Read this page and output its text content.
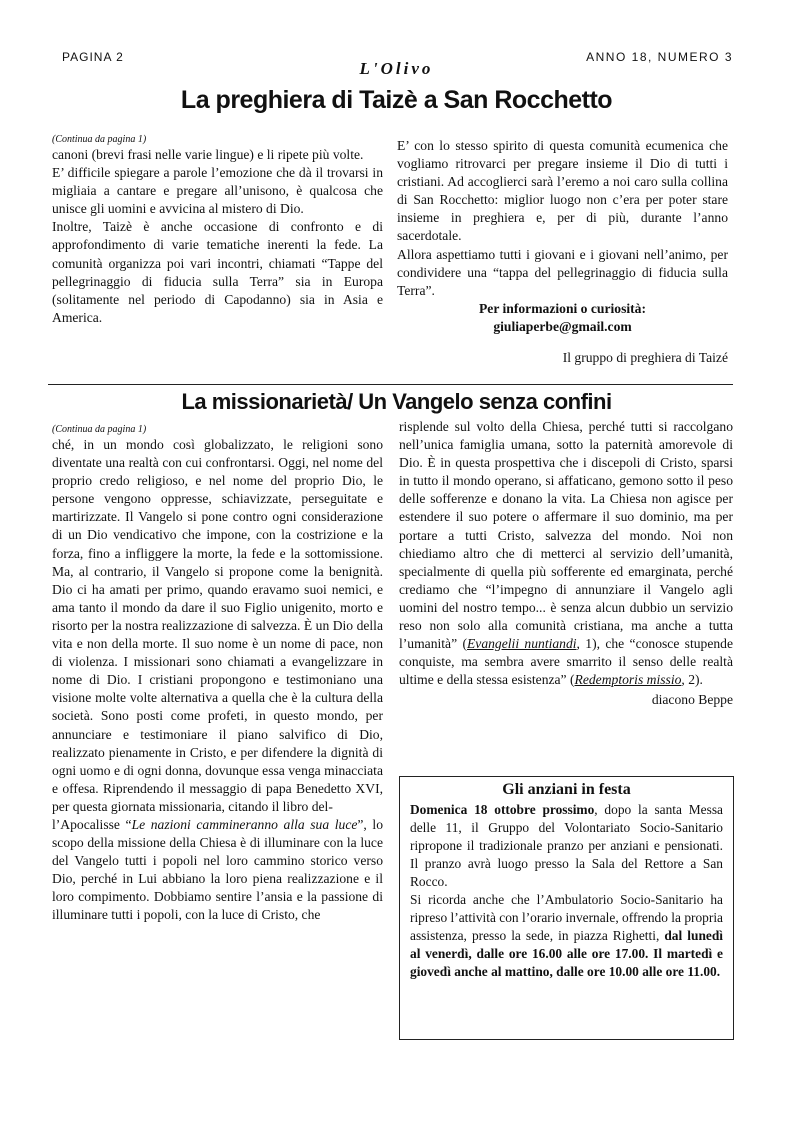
PAGINA 2
L'Olivo
ANNO 18, NUMERO 3
La preghiera di Taizè a San Rocchetto
(Continua da pagina 1)

canoni (brevi frasi nelle varie lingue) e li ripete più volte.

E’ difficile spiegare a parole l’emozione che dà il trovarsi in migliaia a cantare e pregare all’unisono, è qualcosa che unisce gli uomini e avvicina al mistero di Dio.

Inoltre, Taizè è anche occasione di confronto e di approfondimento di varie tematiche inerenti la fede. La comunità organizza poi vari incontri, chiamati “Tappe del pellegrinaggio di fiducia sulla Terra” sia in Europa (solitamente nel periodo di Capodanno) sia in Asia e America.

E’ con lo stesso spirito di questa comunità ecumenica che vogliamo ritrovarci per pregare insieme il Dio di tutti i cristiani. Ad accoglierci sarà l’eremo a noi caro sulla collina di San Rocchetto: miglior luogo non c’era per poter stare insieme in preghiera e, per di più, durante l’anno sacerdotale.

Allora aspettiamo tutti i giovani e i giovani nell’animo, per condividere una “tappa del pellegrinaggio di fiducia sulla Terra”.

Per informazioni o curiosità:

giuliaperbe@gmail.com

Il gruppo di preghiera di Taizé

La missionarietà/ Un Vangelo senza confini
(Continua da pagina 1)

ché, in un mondo così globalizzato, le religioni sono diventate una realtà con cui confrontarsi. Oggi, nel nome del proprio credo religioso, e nel nome del proprio Dio, le persone vengono oppresse, schiavizzate, perseguitate e martirizzate. Il Vangelo si pone contro ogni considerazione di un Dio vendicativo che impone, con la costrizione e la forza, fino a infliggere la morte, la fede e la sottomissione. Ma, al contrario, il Vangelo si propone come la benignità. Dio ci ha amati per primo, quando eravamo suoi nemici, e ama tanto il mondo da dare il suo Figlio unigenito, morto e risorto per la nostra realizzazione di salvezza. È un Dio della vita e non della morte. Il suo nome è un nome di pace, non di violenza. I missionari sono chiamati a evangelizzare in nome di Dio. I cristiani propongono e testimoniano una visione molte volte alternativa a quella che è la cultura della società. Sono posti come profeti, in questo mondo, per annunciare e testimoniare il piano salvifico di Dio, realizzato pienamente in Cristo, e per difendere la dignità di ogni uomo e di ogni donna, dovunque essa venga minacciata e offesa. Riprendendo il messaggio di papa Benedetto XVI, per questa giornata missionaria, citando il libro del-

l’Apocalisse “Le nazioni cammineranno alla sua luce”, lo scopo della missione della Chiesa è di illuminare con la luce del Vangelo tutti i popoli nel loro cammino storico verso Dio, perché in Lui abbiano la loro piena realizzazione e il loro compimento. Dobbiamo sentire l’ansia e la passione di illuminare tutti i popoli, con la luce di Cristo, che

risplende sul volto della Chiesa, perché tutti si raccolgano nell’unica famiglia umana, sotto la paternità amorevole di Dio. È in questa prospettiva che i discepoli di Cristo, sparsi in tutto il mondo operano, si affaticano, gemono sotto il peso delle sofferenze e donano la vita. La Chiesa non agisce per estendere il suo potere o affermare il suo dominio, ma per portare a tutti Cristo, salvezza del mondo. Noi non chiediamo altro che di metterci al servizio dell’umanità, specialmente di quella più sofferente ed emarginata, perché crediamo che “l’impegno di annunziare il Vangelo agli uomini del nostro tempo... è senza alcun dubbio un servizio reso non solo alla comunità cristiana, ma anche a tutta l’umanità” (Evangelii nuntiandi, 1), che “conosce stupende conquiste, ma sembra avere smarrito il senso delle realtà ultime e della stessa esistenza” (Redemptoris missio, 2).

diacono Beppe

Gli anziani in festa

Domenica 18 ottobre prossimo, dopo la santa Messa delle 11, il Gruppo del Volontariato Socio-Sanitario ripropone il tradizionale pranzo per anziani e pensionati. Il pranzo avrà luogo presso la Sala del Rettore a San Rocco.

Si ricorda anche che l’Ambulatorio Socio-Sanitario ha ripreso l’attività con l’orario invernale, offrendo la propria assistenza, presso la sede, in piazza Righetti, dal lunedì al venerdì, dalle ore 16.00 alle ore 17.00. Il martedì e giovedì anche al mattino, dalle ore 10.00 alle ore 11.00.
